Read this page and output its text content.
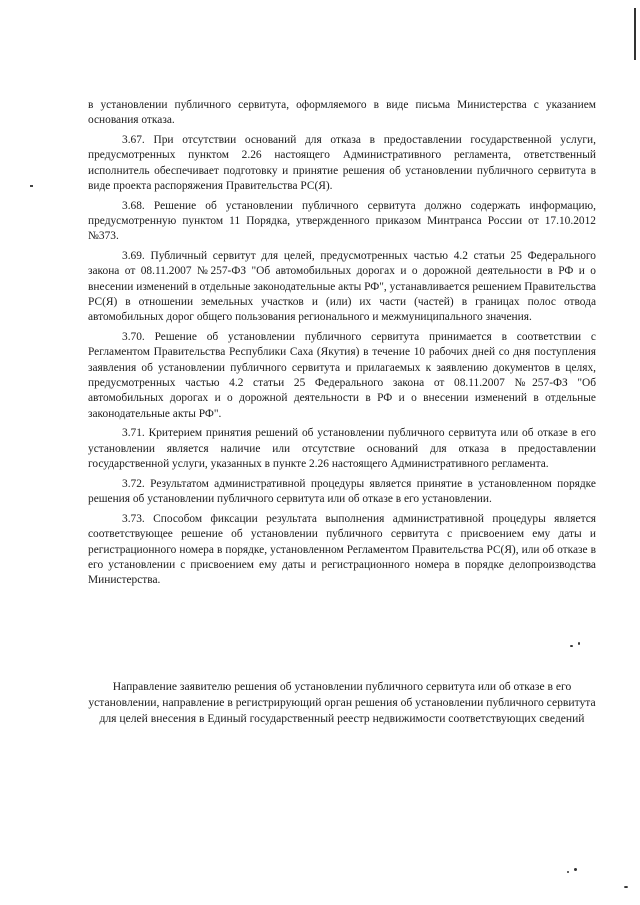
в установлении публичного сервитута, оформляемого в виде письма Министерства с указанием основания отказа.

3.67. При отсутствии оснований для отказа в предоставлении государственной услуги, предусмотренных пунктом 2.26 настоящего Административного регламента, ответственный исполнитель обеспечивает подготовку и принятие решения об установлении публичного сервитута в виде проекта распоряжения Правительства РС(Я).

3.68. Решение об установлении публичного сервитута должно содержать информацию, предусмотренную пунктом 11 Порядка, утвержденного приказом Минтранса России от 17.10.2012 №373.

3.69. Публичный сервитут для целей, предусмотренных частью 4.2 статьи 25 Федерального закона от 08.11.2007 №257-ФЗ "Об автомобильных дорогах и о дорожной деятельности в РФ и о внесении изменений в отдельные законодательные акты РФ", устанавливается решением Правительства РС(Я) в отношении земельных участков и (или) их части (частей) в границах полос отвода автомобильных дорог общего пользования регионального и межмуниципального значения.

3.70. Решение об установлении публичного сервитута принимается в соответствии с Регламентом Правительства Республики Саха (Якутия) в течение 10 рабочих дней со дня поступления заявления об установлении публичного сервитута и прилагаемых к заявлению документов в целях, предусмотренных частью 4.2 статьи 25 Федерального закона от 08.11.2007 №257-ФЗ "Об автомобильных дорогах и о дорожной деятельности в РФ и о внесении изменений в отдельные законодательные акты РФ".

3.71. Критерием принятия решений об установлении публичного сервитута или об отказе в его установлении является наличие или отсутствие оснований для отказа в предоставлении государственной услуги, указанных в пункте 2.26 настоящего Административного регламента.

3.72. Результатом административной процедуры является принятие в установленном порядке решения об установлении публичного сервитута или об отказе в его установлении.

3.73. Способом фиксации результата выполнения административной процедуры является соответствующее решение об установлении публичного сервитута с присвоением ему даты и регистрационного номера в порядке, установленном Регламентом Правительства РС(Я), или об отказе в его установлении с присвоением ему даты и регистрационного номера в порядке делопроизводства Министерства.

Направление заявителю решения об установлении публичного сервитута или об отказе в его установлении, направление в регистрирующий орган решения об установлении публичного сервитута для целей внесения в Единый государственный реестр недвижимости соответствующих сведений
